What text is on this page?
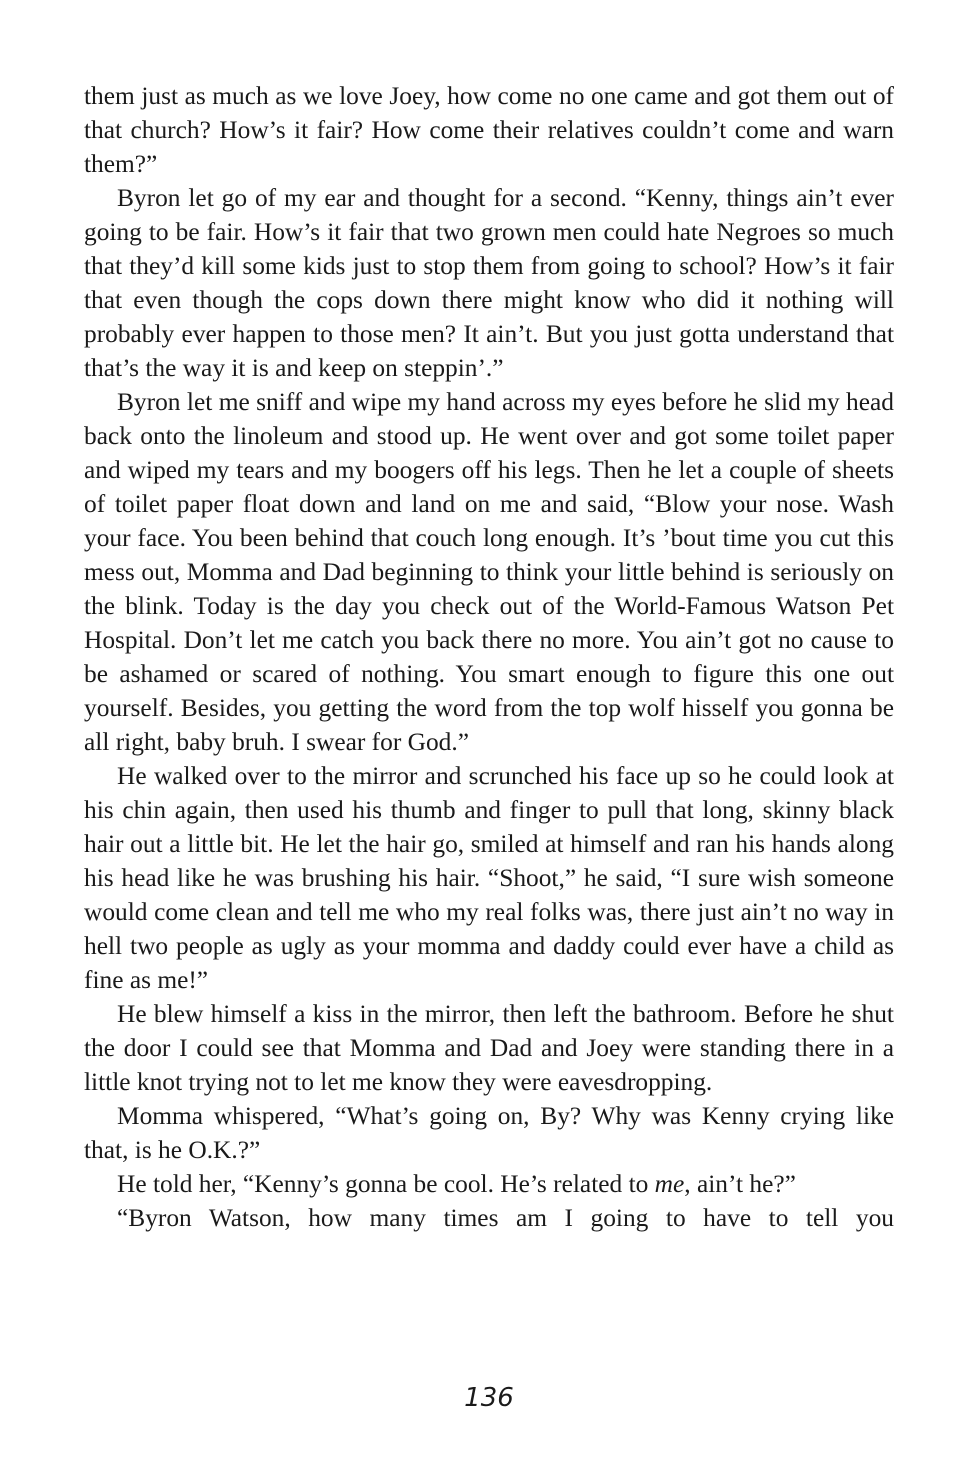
them just as much as we love Joey, how come no one came and got them out of that church? How’s it fair? How come their relatives couldn’t come and warn them?”

Byron let go of my ear and thought for a second. “Kenny, things ain’t ever going to be fair. How’s it fair that two grown men could hate Negroes so much that they’d kill some kids just to stop them from going to school? How’s it fair that even though the cops down there might know who did it nothing will probably ever happen to those men? It ain’t. But you just gotta understand that that’s the way it is and keep on steppin’.”

Byron let me sniff and wipe my hand across my eyes before he slid my head back onto the linoleum and stood up. He went over and got some toilet paper and wiped my tears and my boogers off his legs. Then he let a couple of sheets of toilet paper float down and land on me and said, “Blow your nose. Wash your face. You been behind that couch long enough. It’s ’bout time you cut this mess out, Momma and Dad beginning to think your little behind is seriously on the blink. Today is the day you check out of the World-Famous Watson Pet Hospital. Don’t let me catch you back there no more. You ain’t got no cause to be ashamed or scared of nothing. You smart enough to figure this one out yourself. Besides, you getting the word from the top wolf hisself you gonna be all right, baby bruh. I swear for God.”

He walked over to the mirror and scrunched his face up so he could look at his chin again, then used his thumb and finger to pull that long, skinny black hair out a little bit. He let the hair go, smiled at himself and ran his hands along his head like he was brushing his hair. “Shoot,” he said, “I sure wish someone would come clean and tell me who my real folks was, there just ain’t no way in hell two people as ugly as your momma and daddy could ever have a child as fine as me!”

He blew himself a kiss in the mirror, then left the bathroom. Before he shut the door I could see that Momma and Dad and Joey were standing there in a little knot trying not to let me know they were eavesdropping.

Momma whispered, “What’s going on, By? Why was Kenny crying like that, is he O.K.?”

He told her, “Kenny’s gonna be cool. He’s related to me, ain’t he?”

“Byron Watson, how many times am I going to have to tell you

136
